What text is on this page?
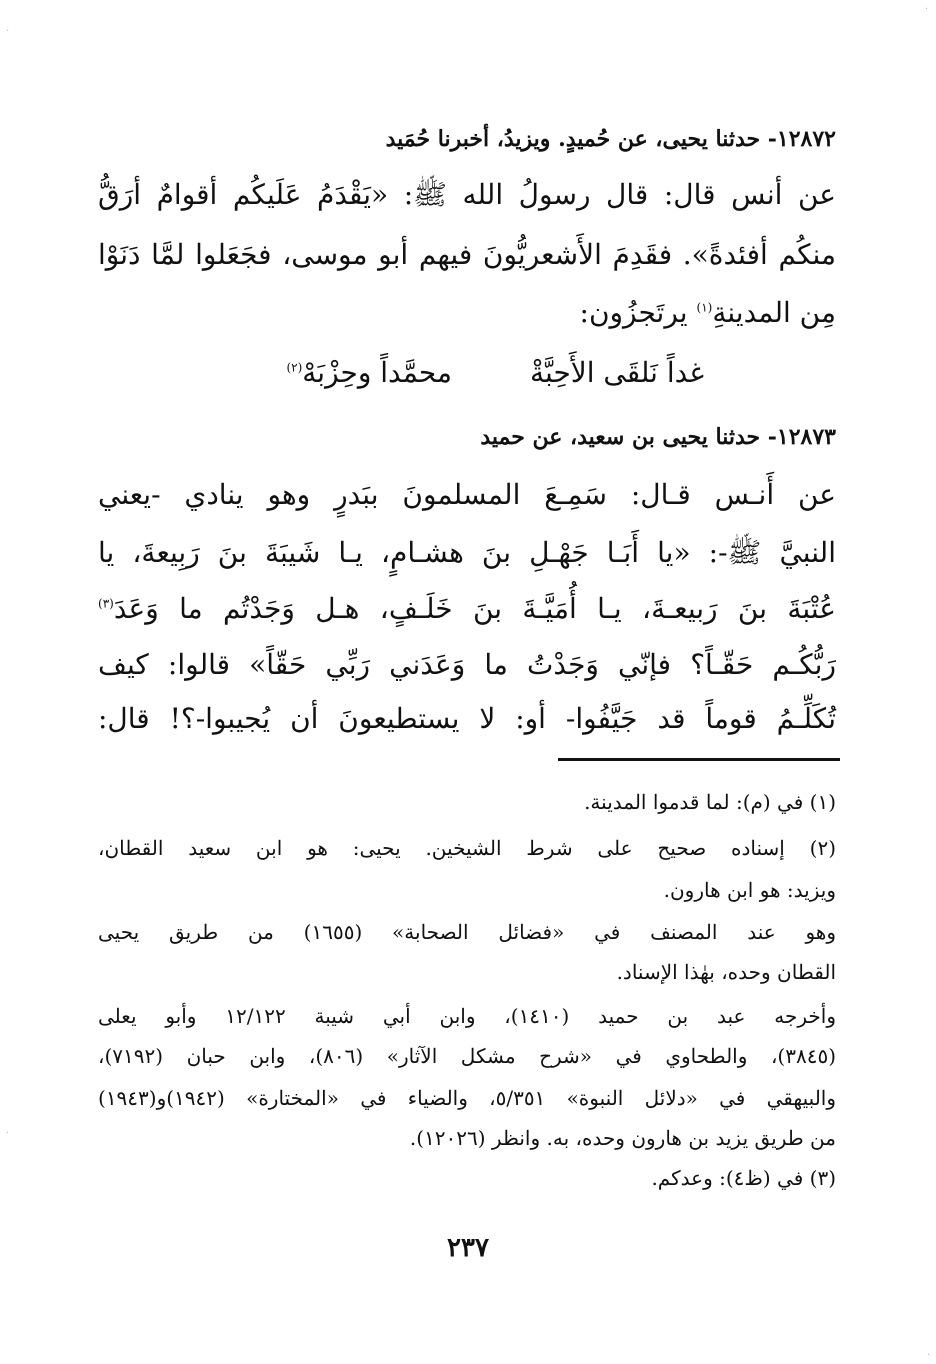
·
·
·
·
١٢٨٧٢- حدثنا يحيى، عن حُميدٍ. ويزيدُ، أخبرنا حُمَيد
عن أنس قال: قال رسولُ الله ﷺ: «يَقْدَمُ عَلَيكُم أقوامٌ أرَقُّ
منكُم أفئدةً». فقَدِمَ الأَشعريُّونَ فيهم أبو موسى، فجَعَلوا لمَّا دَنَوْا
مِن المدينةِ$^{(١)}$ يرتَجزُون:
غداً نَلقَى الأَحِبَّةْ
محمَّداً وحِزْبَهْ$^{(٢)}$
١٢٨٧٣- حدثنا يحيى بن سعيد، عن حميد
عن أَنـس قـال: سَمِـعَ المسلمونَ ببَدرٍ وهو ينادي -يعني
النبيَّ ﷺ-: «يا أَبَـا جَهْـلِ بنَ هشـامٍ، يـا شَيبَةَ بنَ رَبِيعةَ، يا
عُتْبَةَ بنَ رَبيعـةَ، يـا أُمَيَّـةَ بنَ خَلَـفٍ، هـل وَجَدْتُم ما وَعَدَ$^{(٣)}$
رَبُّكُـم حَقّـاً؟ فإنّي وَجَدْتُ ما وَعَدَني رَبِّي حَقّاً» قالوا: كيف
تُكَلِّـمُ قوماً قد جَيَّفُوا- أو: لا يستطيعونَ أن يُجيبوا-؟! قال:
(١) في (م): لما قدموا المدينة.
(٢) إسناده صحيح على شرط الشيخين. يحيى: هو ابن سعيد القطان،
ويزيد: هو ابن هارون.
وهو عند المصنف في «فضائل الصحابة» (١٦٥٥) من طريق يحيى
القطان وحده، بهٰذا الإسناد.
وأخرجه عبد بن حميد (١٤١٠)، وابن أبي شيبة ١٢/١٢٢ وأبو يعلى
(٣٨٤٥)، والطحاوي في «شرح مشكل الآثار» (٨٠٦)، وابن حبان (٧١٩٢)،
والبيهقي في «دلائل النبوة» ٥/٣٥١، والضياء في «المختارة» (١٩٤٢)و(١٩٤٣)
من طريق يزيد بن هارون وحده، به. وانظر (١٢٠٢٦).
(٣) في (ظ٤): وعدكم.
٢٣٧
